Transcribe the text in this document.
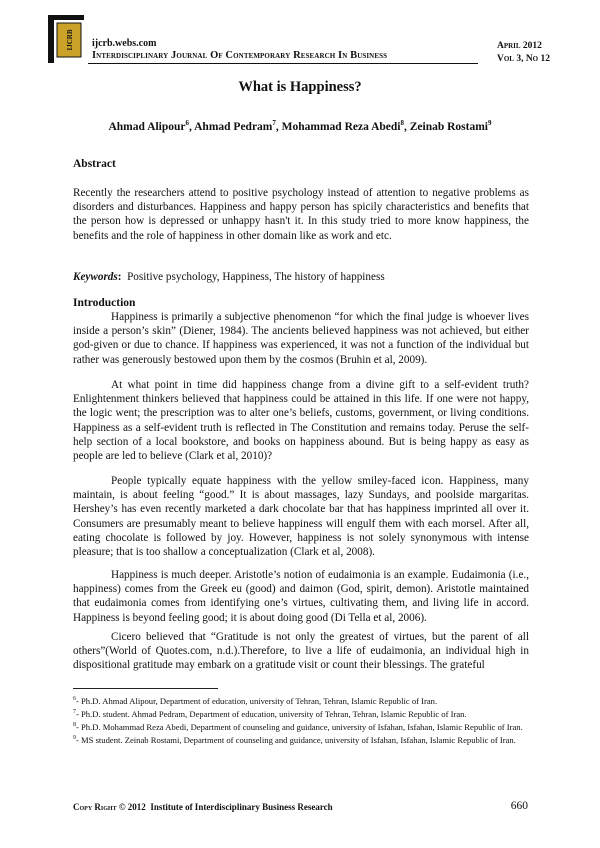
IJCRB ijcrb.webs.com
Interdisciplinary Journal Of Contemporary Research In Business
April 2012
Vol 3, No 12
What is Happiness?
Ahmad Alipour$^6$, Ahmad Pedram$^7$, Mohammad Reza Abedi$^8$, Zeinab Rostami$^9$
Abstract

Recently the researchers attend to positive psychology instead of attention to negative problems as disorders and disturbances. Happiness and happy person has spicily characteristics and benefits that the person how is depressed or unhappy hasn't it. In this study tried to more know happiness, the benefits and the role of happiness in other domain like as work and etc.

Keywords: Positive psychology, Happiness, The history of happiness
Introduction

Happiness is primarily a subjective phenomenon “for which the final judge is whoever lives inside a person’s skin” (Diener, 1984). The ancients believed happiness was not achieved, but either god-given or due to chance. If happiness was experienced, it was not a function of the individual but rather was generously bestowed upon them by the cosmos (Bruhin et al, 2009).

At what point in time did happiness change from a divine gift to a self-evident truth? Enlightenment thinkers believed that happiness could be attained in this life. If one were not happy, the logic went; the prescription was to alter one’s beliefs, customs, government, or living conditions. Happiness as a self-evident truth is reflected in The Constitution and remains today. Peruse the self-help section of a local bookstore, and books on happiness abound. But is being happy as easy as people are led to believe (Clark et al, 2010)?

People typically equate happiness with the yellow smiley-faced icon. Happiness, many maintain, is about feeling “good.” It is about massages, lazy Sundays, and poolside margaritas. Hershey’s has even recently marketed a dark chocolate bar that has happiness imprinted all over it. Consumers are presumably meant to believe happiness will engulf them with each morsel. After all, eating chocolate is followed by joy. However, happiness is not solely synonymous with intense pleasure; that is too shallow a conceptualization (Clark et al, 2008).

Happiness is much deeper. Aristotle’s notion of eudaimonia is an example. Eudaimonia (i.e., happiness) comes from the Greek eu (good) and daimon (God, spirit, demon). Aristotle maintained that eudaimonia comes from identifying one’s virtues, cultivating them, and living life in accord. Happiness is beyond feeling good; it is about doing good (Di Tella et al, 2006).

Cicero believed that “Gratitude is not only the greatest of virtues, but the parent of all others”(World of Quotes.com, n.d.).Therefore, to live a life of eudaimonia, an individual high in dispositional gratitude may embark on a gratitude visit or count their blessings. The grateful

$^6$- Ph.D. Ahmad Alipour, Department of education, university of Tehran, Tehran, Islamic Republic of Iran.
$^7$- Ph.D. student. Ahmad Pedram, Department of education, university of Tehran, Tehran, Islamic Republic of Iran.
$^8$- Ph.D. Mohammad Reza Abedi, Department of counseling and guidance, university of Isfahan, Isfahan, Islamic Republic of Iran.
$^9$- MS student. Zeinab Rostami, Department of counseling and guidance, university of Isfahan, Isfahan, Islamic Republic of Iran.
Copy Right © 2012 Institute of Interdisciplinary Business Research	660
